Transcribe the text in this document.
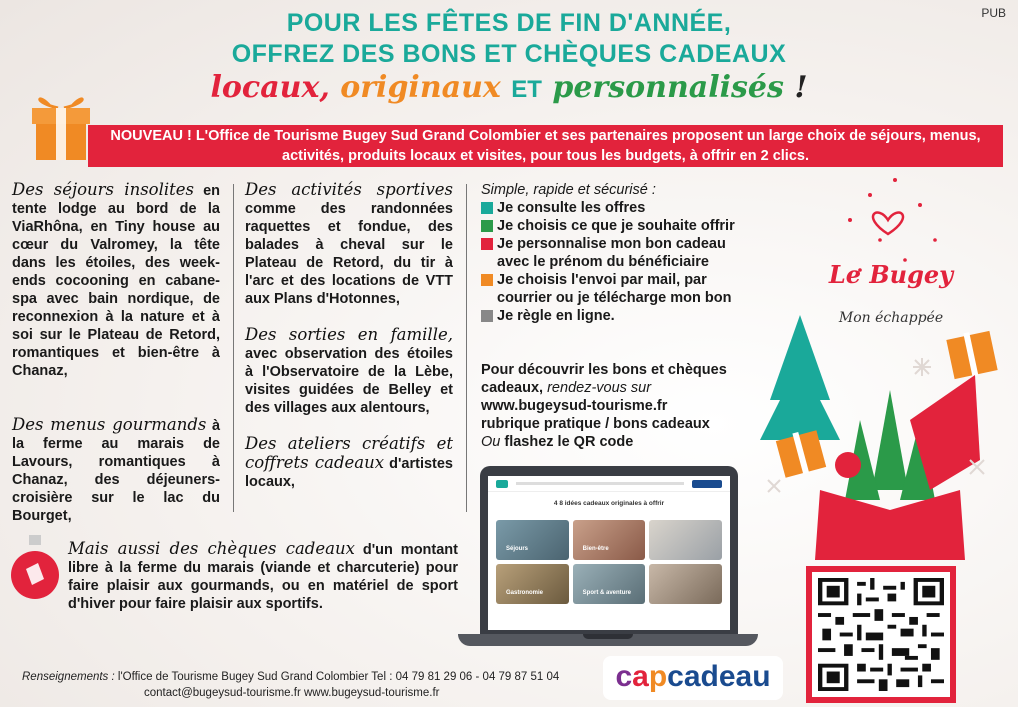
PUB
POUR LES FÊTES DE FIN D'ANNÉE,
OFFREZ DES BONS ET CHÈQUES CADEAUX
locaux, originaux ET personnalisés !
NOUVEAU ! L'Office de Tourisme Bugey Sud Grand Colombier et ses partenaires proposent un large choix de séjours, menus, activités, produits locaux et visites, pour tous les budgets, à offrir en 2 clics.
Des séjours insolites en tente lodge au bord de la ViaRhôna, en Tiny house au cœur du Valromey, la tête dans les étoiles, des week-ends cocooning en cabane-spa avec bain nordique, de reconnexion à la nature et à soi sur le Plateau de Retord, romantiques et bien-être à Chanaz,
Des menus gourmands à la ferme au marais de Lavours, romantiques à Chanaz, des déjeuners-croisière sur le lac du Bourget,
Des activités sportives comme des randonnées raquettes et fondue, des balades à cheval sur le Plateau de Retord, du tir à l'arc et des locations de VTT aux Plans d'Hotonnes,
Des sorties en famille, avec observation des étoiles à l'Observatoire de la Lèbe, visites guidées de Belley et des villages aux alentours,
Des ateliers créatifs et coffrets cadeaux d'artistes locaux,
Simple, rapide et sécurisé :
Je consulte les offres
Je choisis ce que je souhaite offrir
Je personnalise mon bon cadeau avec le prénom du bénéficiaire
Je choisis l'envoi par mail, par courrier ou je télécharge mon bon
Je règle en ligne.
Pour découvrir les bons et chèques cadeaux, rendez-vous sur
www.bugeysud-tourisme.fr
rubrique pratique / bons cadeaux
Ou flashez le QR code
Mais aussi des chèques cadeaux d'un montant libre à la ferme du marais (viande et charcuterie) pour faire plaisir aux gourmands, ou en matériel de sport d'hiver pour faire plaisir aux sportifs.
4 8 idées cadeaux originales à offrir

Séjours	Bien-être
Gastronomie	Sport & aventure
Le Bugey
Mon échappée
Renseignements : l'Office de Tourisme Bugey Sud Grand Colombier Tel : 04 79 81 29 06 - 04 79 87 51 04
contact@bugeysud-tourisme.fr www.bugeysud-tourisme.fr	capcadeau
